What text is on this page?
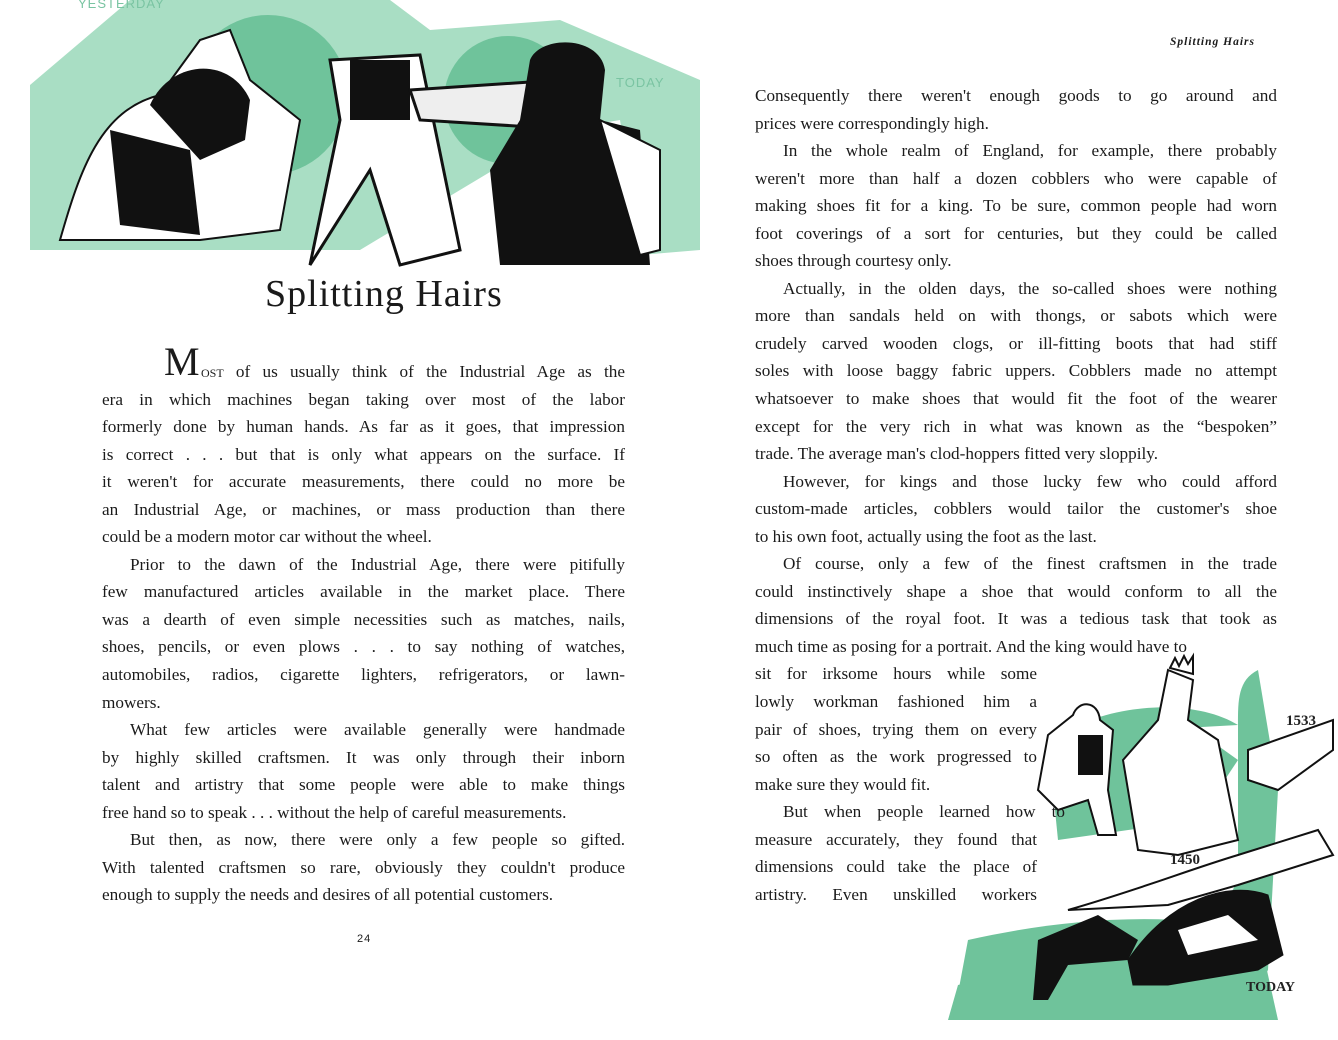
YESTERDAY
TODAY
Splitting Hairs
M ost of us usually think of the Industrial Age as the
era in which machines began taking over most of the labor
formerly done by human hands. As far as it goes, that impression
is correct . . . but that is only what appears on the surface. If
it weren't for accurate measurements, there could no more be
an Industrial Age, or machines, or mass production than there
could be a modern motor car without the wheel.
Prior to the dawn of the Industrial Age, there were pitifully
few manufactured articles available in the market place. There
was a dearth of even simple necessities such as matches, nails,
shoes, pencils, or even plows . . . to say nothing of watches,
automobiles, radios, cigarette lighters, refrigerators, or lawn-
mowers.
What few articles were available generally were handmade
by highly skilled craftsmen. It was only through their inborn
talent and artistry that some people were able to make things
free hand so to speak . . . without the help of careful measurements.
But then, as now, there were only a few people so gifted.
With talented craftsmen so rare, obviously they couldn't produce
enough to supply the needs and desires of all potential customers.
24
Splitting Hairs
1533
1450
TODAY
Consequently there weren't enough goods to go around and
prices were correspondingly high.
In the whole realm of England, for example, there probably
weren't more than half a dozen cobblers who were capable of
making shoes fit for a king. To be sure, common people had worn
foot coverings of a sort for centuries, but they could be called
shoes through courtesy only.
Actually, in the olden days, the so-called shoes were nothing
more than sandals held on with thongs, or sabots which were
crudely carved wooden clogs, or ill-fitting boots that had stiff
soles with loose baggy fabric uppers. Cobblers made no attempt
whatsoever to make shoes that would fit the foot of the wearer
except for the very rich in what was known as the “bespoken”
trade. The average man's clod-hoppers fitted very sloppily.
However, for kings and those lucky few who could afford
custom-made articles, cobblers would tailor the customer's shoe
to his own foot, actually using the foot as the last.
Of course, only a few of the finest craftsmen in the trade
could instinctively shape a shoe that would conform to all the
dimensions of the royal foot. It was a tedious task that took as
much time as posing for a portrait. And the king would have to
sit for irksome hours while some
lowly workman fashioned him a
pair of shoes, trying them on every
so often as the work progressed to
make sure they would fit.
But when people learned how to
measure accurately, they found that
dimensions could take the place of
artistry. Even unskilled workers
